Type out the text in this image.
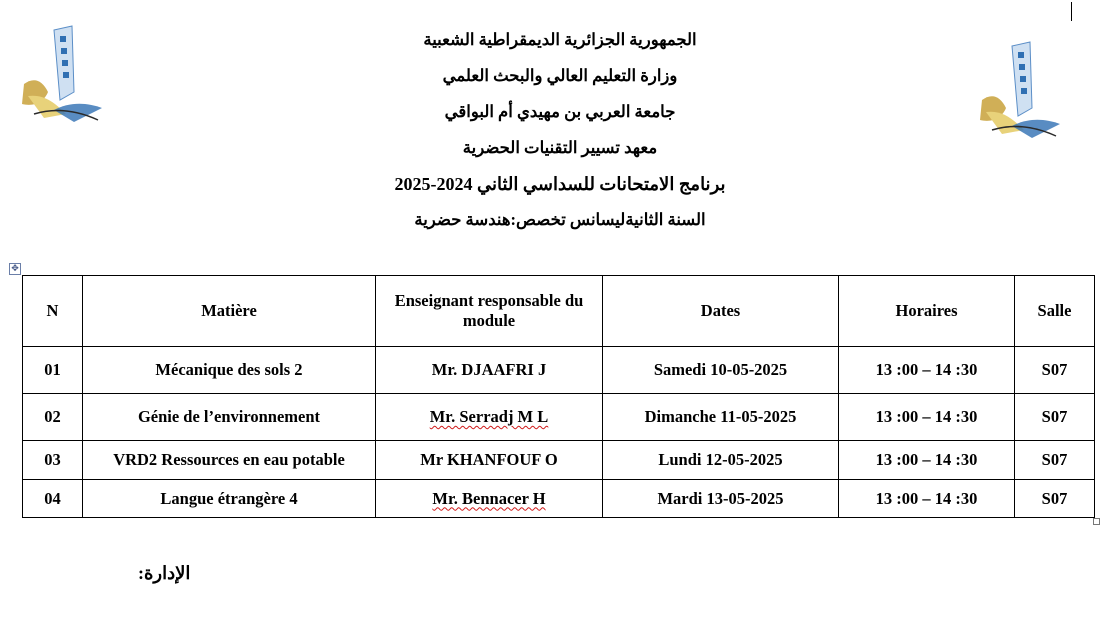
الجمهورية الجزائرية الديمقراطية الشعبية

وزارة التعليم العالي والبحث العلمي

جامعة العربي بن مهيدي أم البواقي

معهد تسيير التقنيات الحضرية

برنامج الامتحانات للسداسي الثاني 2024-2025

السنة الثانيةليسانس تخصص:هندسة حضرية

✥
N	Matière	Enseignant responsable du module	Dates	Horaires	Salle
01	Mécanique des sols 2	Mr. DJAAFRI J	Samedi 10-05-2025	13 :00 – 14 :30	S07
02	Génie de l’environnement	Mr. Serradj M L	Dimanche 11-05-2025	13 :00 – 14 :30	S07
03	VRD2 Ressources en eau potable	Mr KHANFOUF O	Lundi 12-05-2025	13 :00 – 14 :30	S07
04	Langue étrangère 4	Mr. Bennacer H	Mardi 13-05-2025	13 :00 – 14 :30	S07
الإدارة:
